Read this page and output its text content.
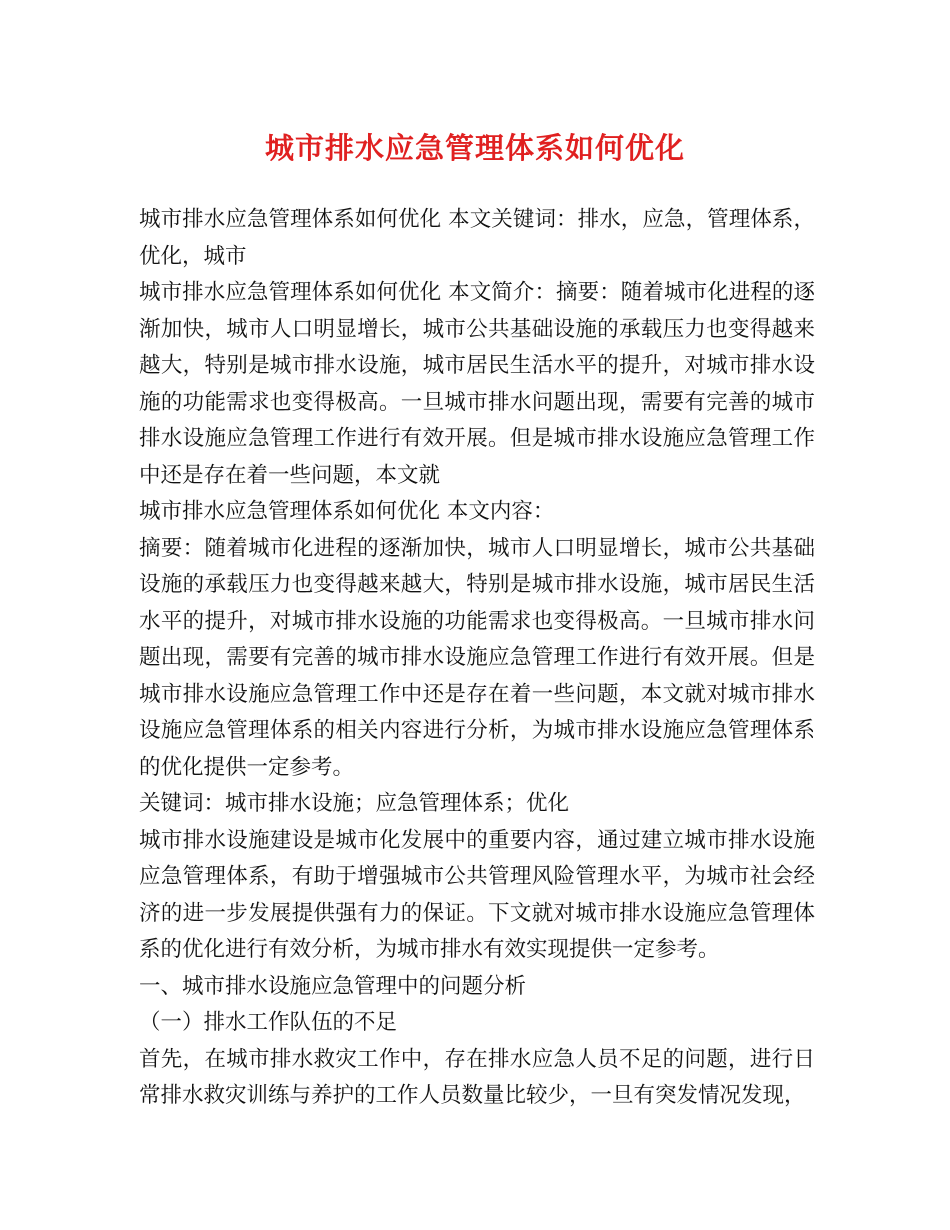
城市排水应急管理体系如何优化

城市排水应急管理体系如何优化 本文关键词：排水，应急，管理体系，优化，城市

城市排水应急管理体系如何优化 本文简介：摘要：随着城市化进程的逐渐加快，城市人口明显增长，城市公共基础设施的承载压力也变得越来越大，特别是城市排水设施，城市居民生活水平的提升，对城市排水设施的功能需求也变得极高。一旦城市排水问题出现，需要有完善的城市排水设施应急管理工作进行有效开展。但是城市排水设施应急管理工作中还是存在着一些问题，本文就

城市排水应急管理体系如何优化 本文内容：

摘要：随着城市化进程的逐渐加快，城市人口明显增长，城市公共基础设施的承载压力也变得越来越大，特别是城市排水设施，城市居民生活水平的提升，对城市排水设施的功能需求也变得极高。一旦城市排水问题出现，需要有完善的城市排水设施应急管理工作进行有效开展。但是城市排水设施应急管理工作中还是存在着一些问题，本文就对城市排水设施应急管理体系的相关内容进行分析，为城市排水设施应急管理体系的优化提供一定参考。

关键词：城市排水设施；应急管理体系；优化

城市排水设施建设是城市化发展中的重要内容，通过建立城市排水设施应急管理体系，有助于增强城市公共管理风险管理水平，为城市社会经济的进一步发展提供强有力的保证。下文就对城市排水设施应急管理体系的优化进行有效分析，为城市排水有效实现提供一定参考。

一、城市排水设施应急管理中的问题分析

（一）排水工作队伍的不足

首先，在城市排水救灾工作中，存在排水应急人员不足的问题，进行日常排水救灾训练与养护的工作人员数量比较少，一旦有突发情况发现，
